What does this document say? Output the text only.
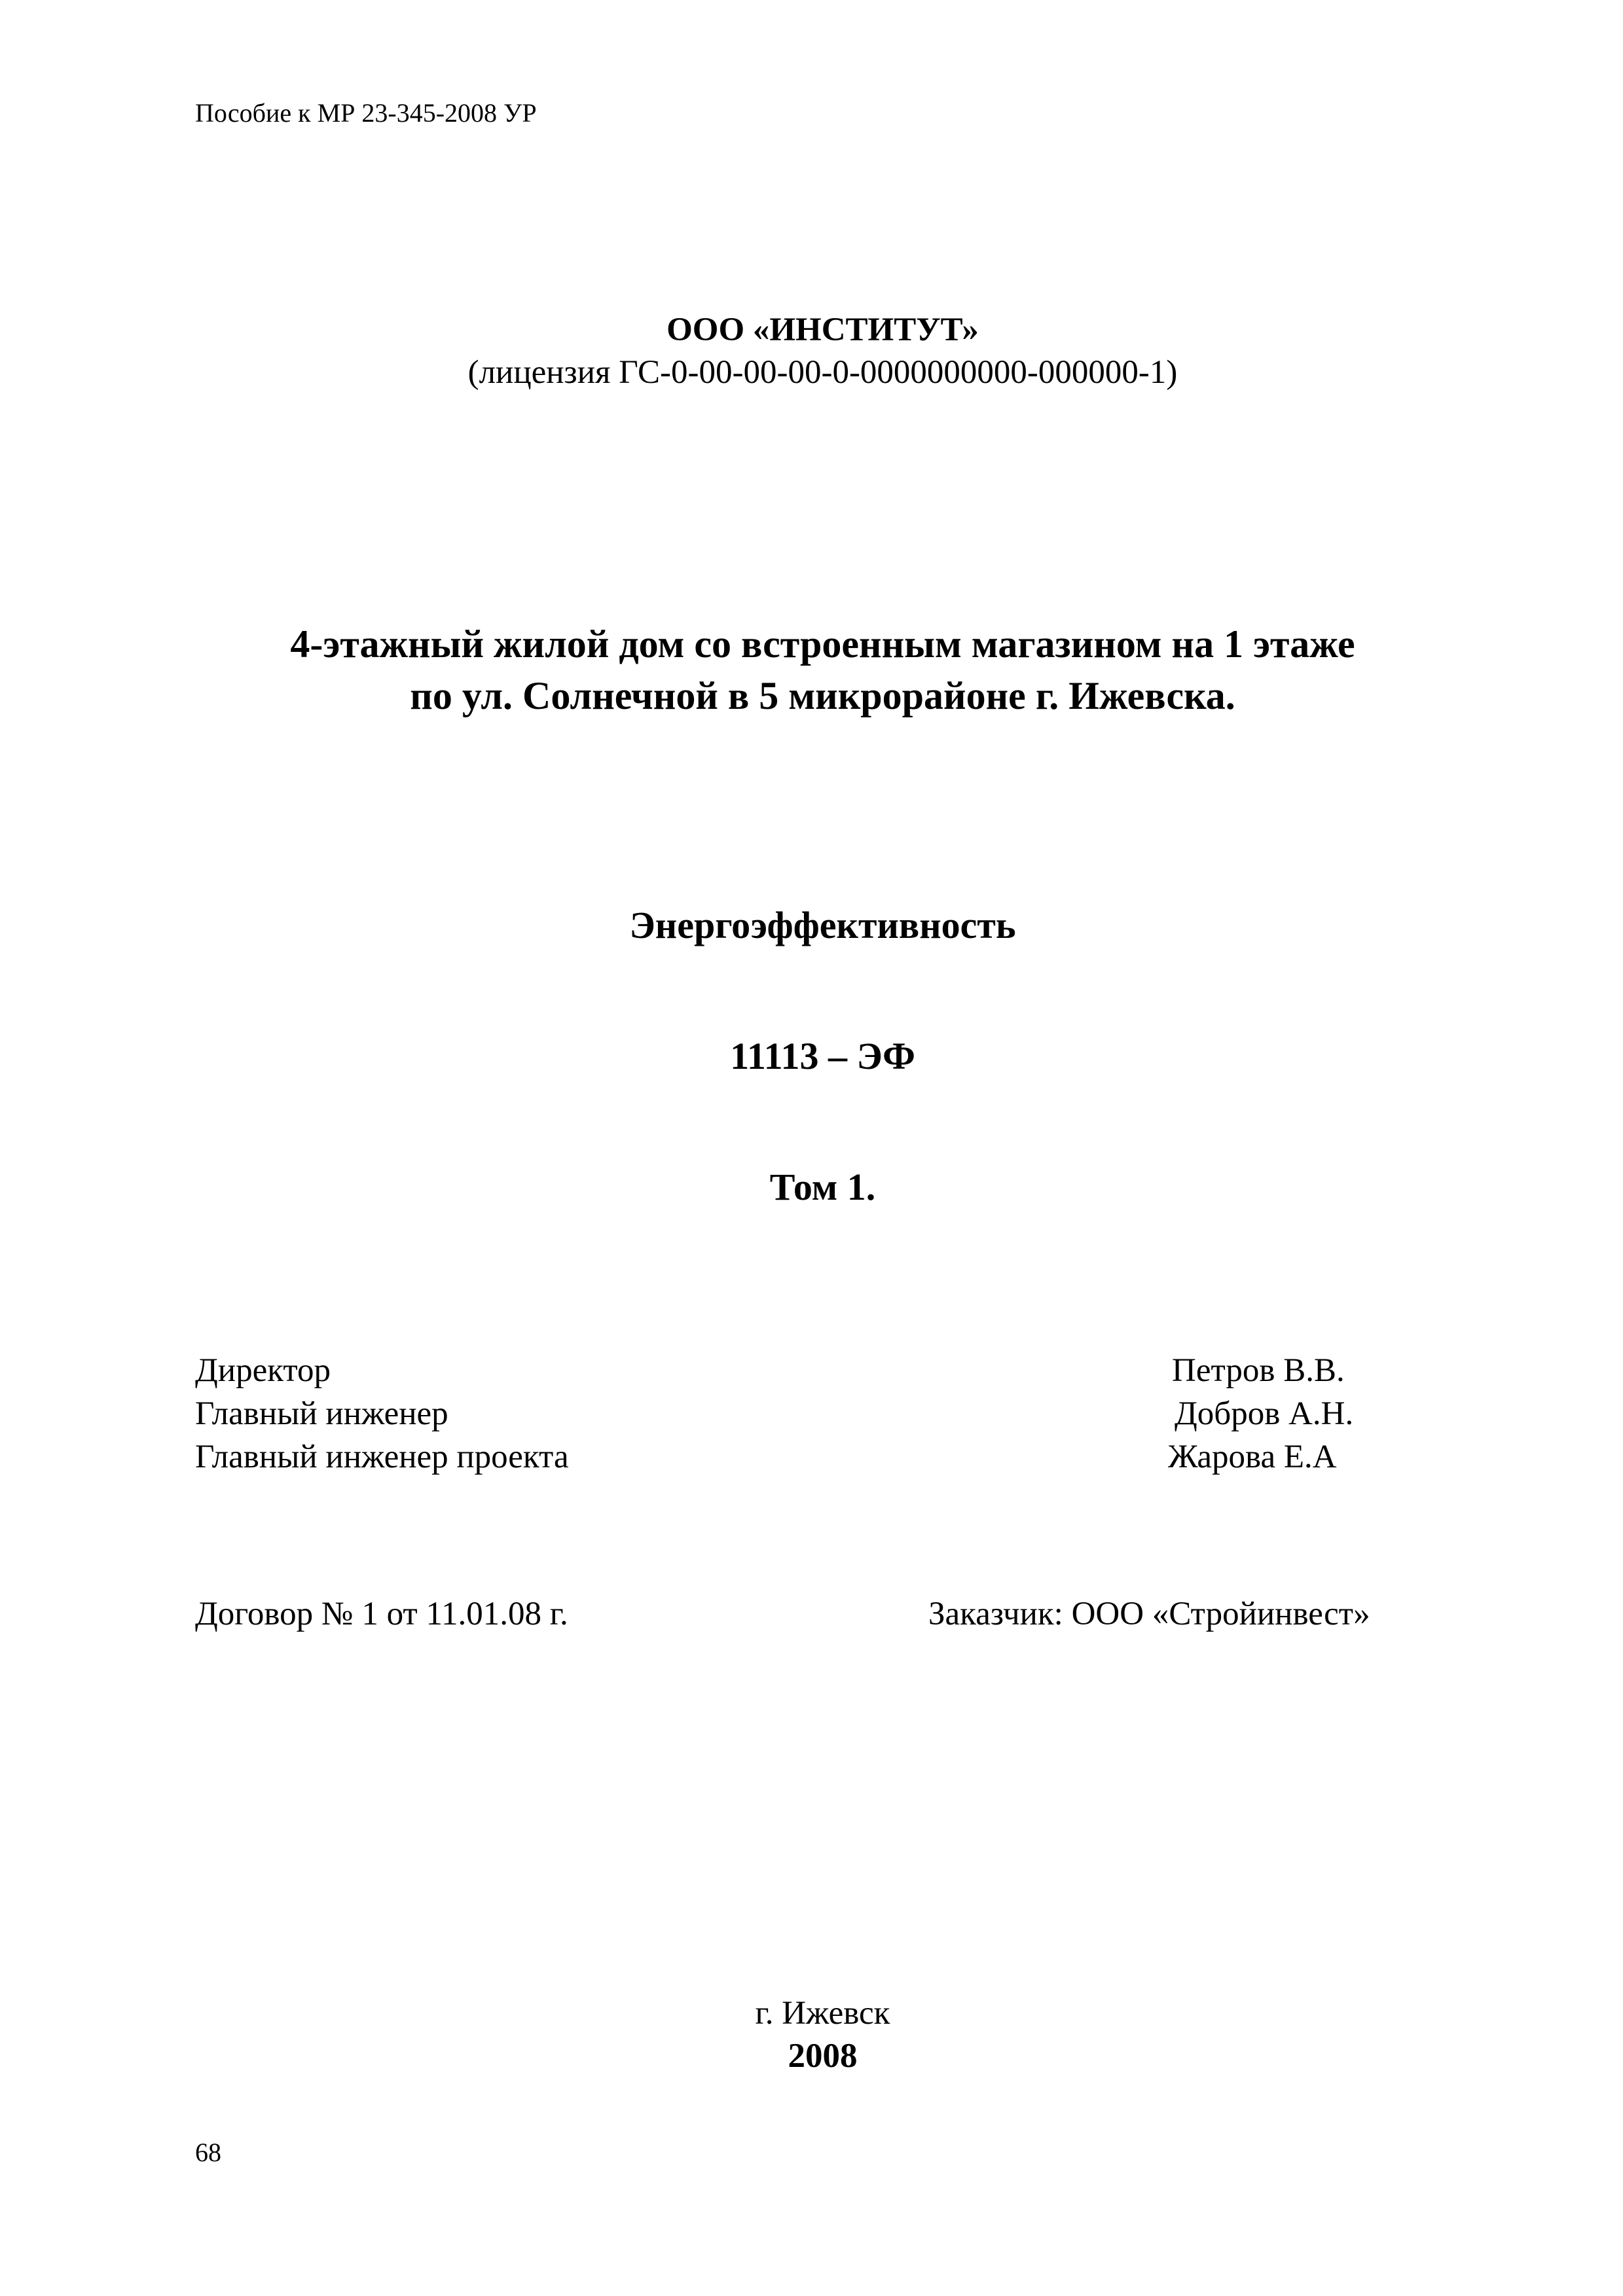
Пособие к МР 23-345-2008 УР
ООО «ИНСТИТУТ»
(лицензия ГС-0-00-00-00-0-0000000000-000000-1)
4-этажный жилой дом со встроенным магазином на 1 этаже
по ул. Солнечной в 5 микрорайоне г. Ижевска.
Энергоэффективность
11113 – ЭФ
Том 1.
Директор	Петров В.В.
Главный инженер	Добров А.Н.
Главный инженер проекта	Жарова Е.А
Договор № 1 от 11.01.08 г.	Заказчик: ООО «Стройинвест»
г. Ижевск
2008
68
